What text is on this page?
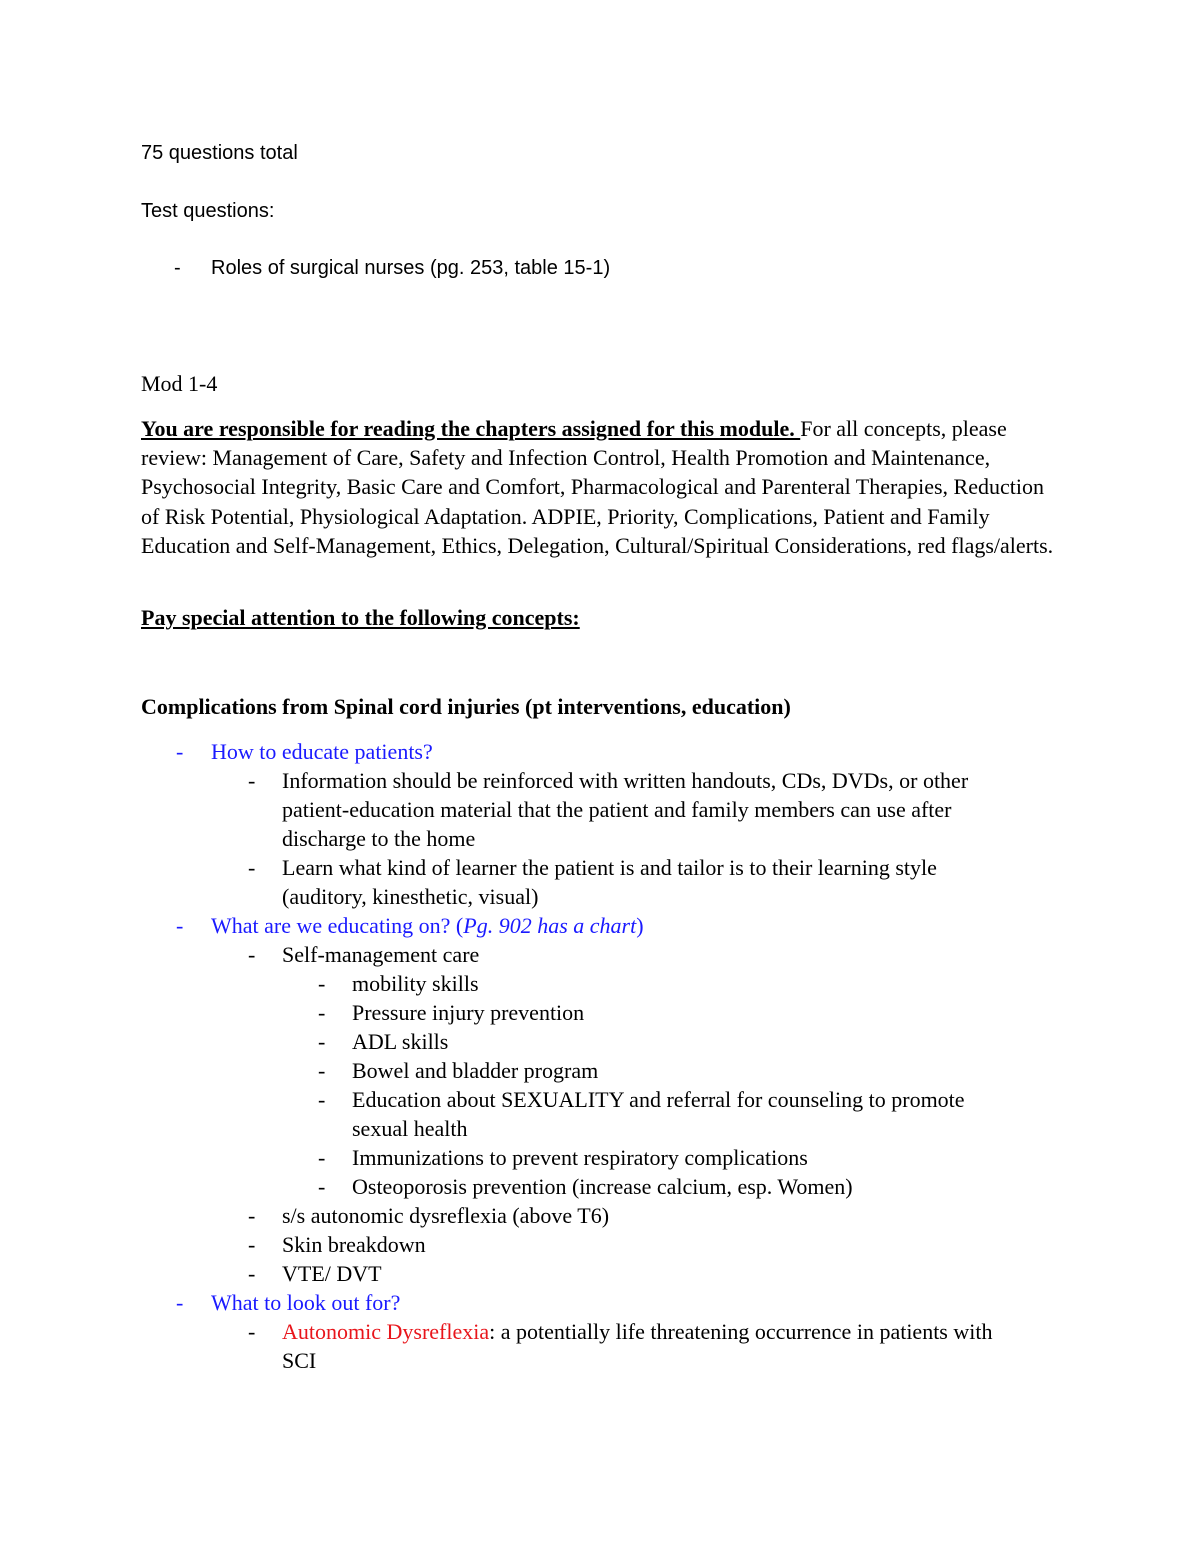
75 questions total

Test questions:

- Roles of surgical nurses (pg. 253, table 15-1)

Mod 1-4

You are responsible for reading the chapters assigned for this module. For all concepts, please review: Management of Care, Safety and Infection Control, Health Promotion and Maintenance, Psychosocial Integrity, Basic Care and Comfort, Pharmacological and Parenteral Therapies, Reduction of Risk Potential, Physiological Adaptation. ADPIE, Priority, Complications, Patient and Family Education and Self-Management, Ethics, Delegation, Cultural/Spiritual Considerations, red flags/alerts.

Pay special attention to the following concepts:

Complications from Spinal cord injuries (pt interventions, education)

- How to educate patients?

- Information should be reinforced with written handouts, CDs, DVDs, or other

patient-education material that the patient and family members can use after

discharge to the home

- Learn what kind of learner the patient is and tailor is to their learning style

(auditory, kinesthetic, visual)

- What are we educating on? (Pg. 902 has a chart)

- Self-management care

- mobility skills

- Pressure injury prevention

- ADL skills

- Bowel and bladder program

- Education about SEXUALITY and referral for counseling to promote

sexual health

- Immunizations to prevent respiratory complications

- Osteoporosis prevention (increase calcium, esp. Women)

- s/s autonomic dysreflexia (above T6)

- Skin breakdown

- VTE/ DVT

- What to look out for?

- Autonomic Dysreflexia: a potentially life threatening occurrence in patients with

SCI
